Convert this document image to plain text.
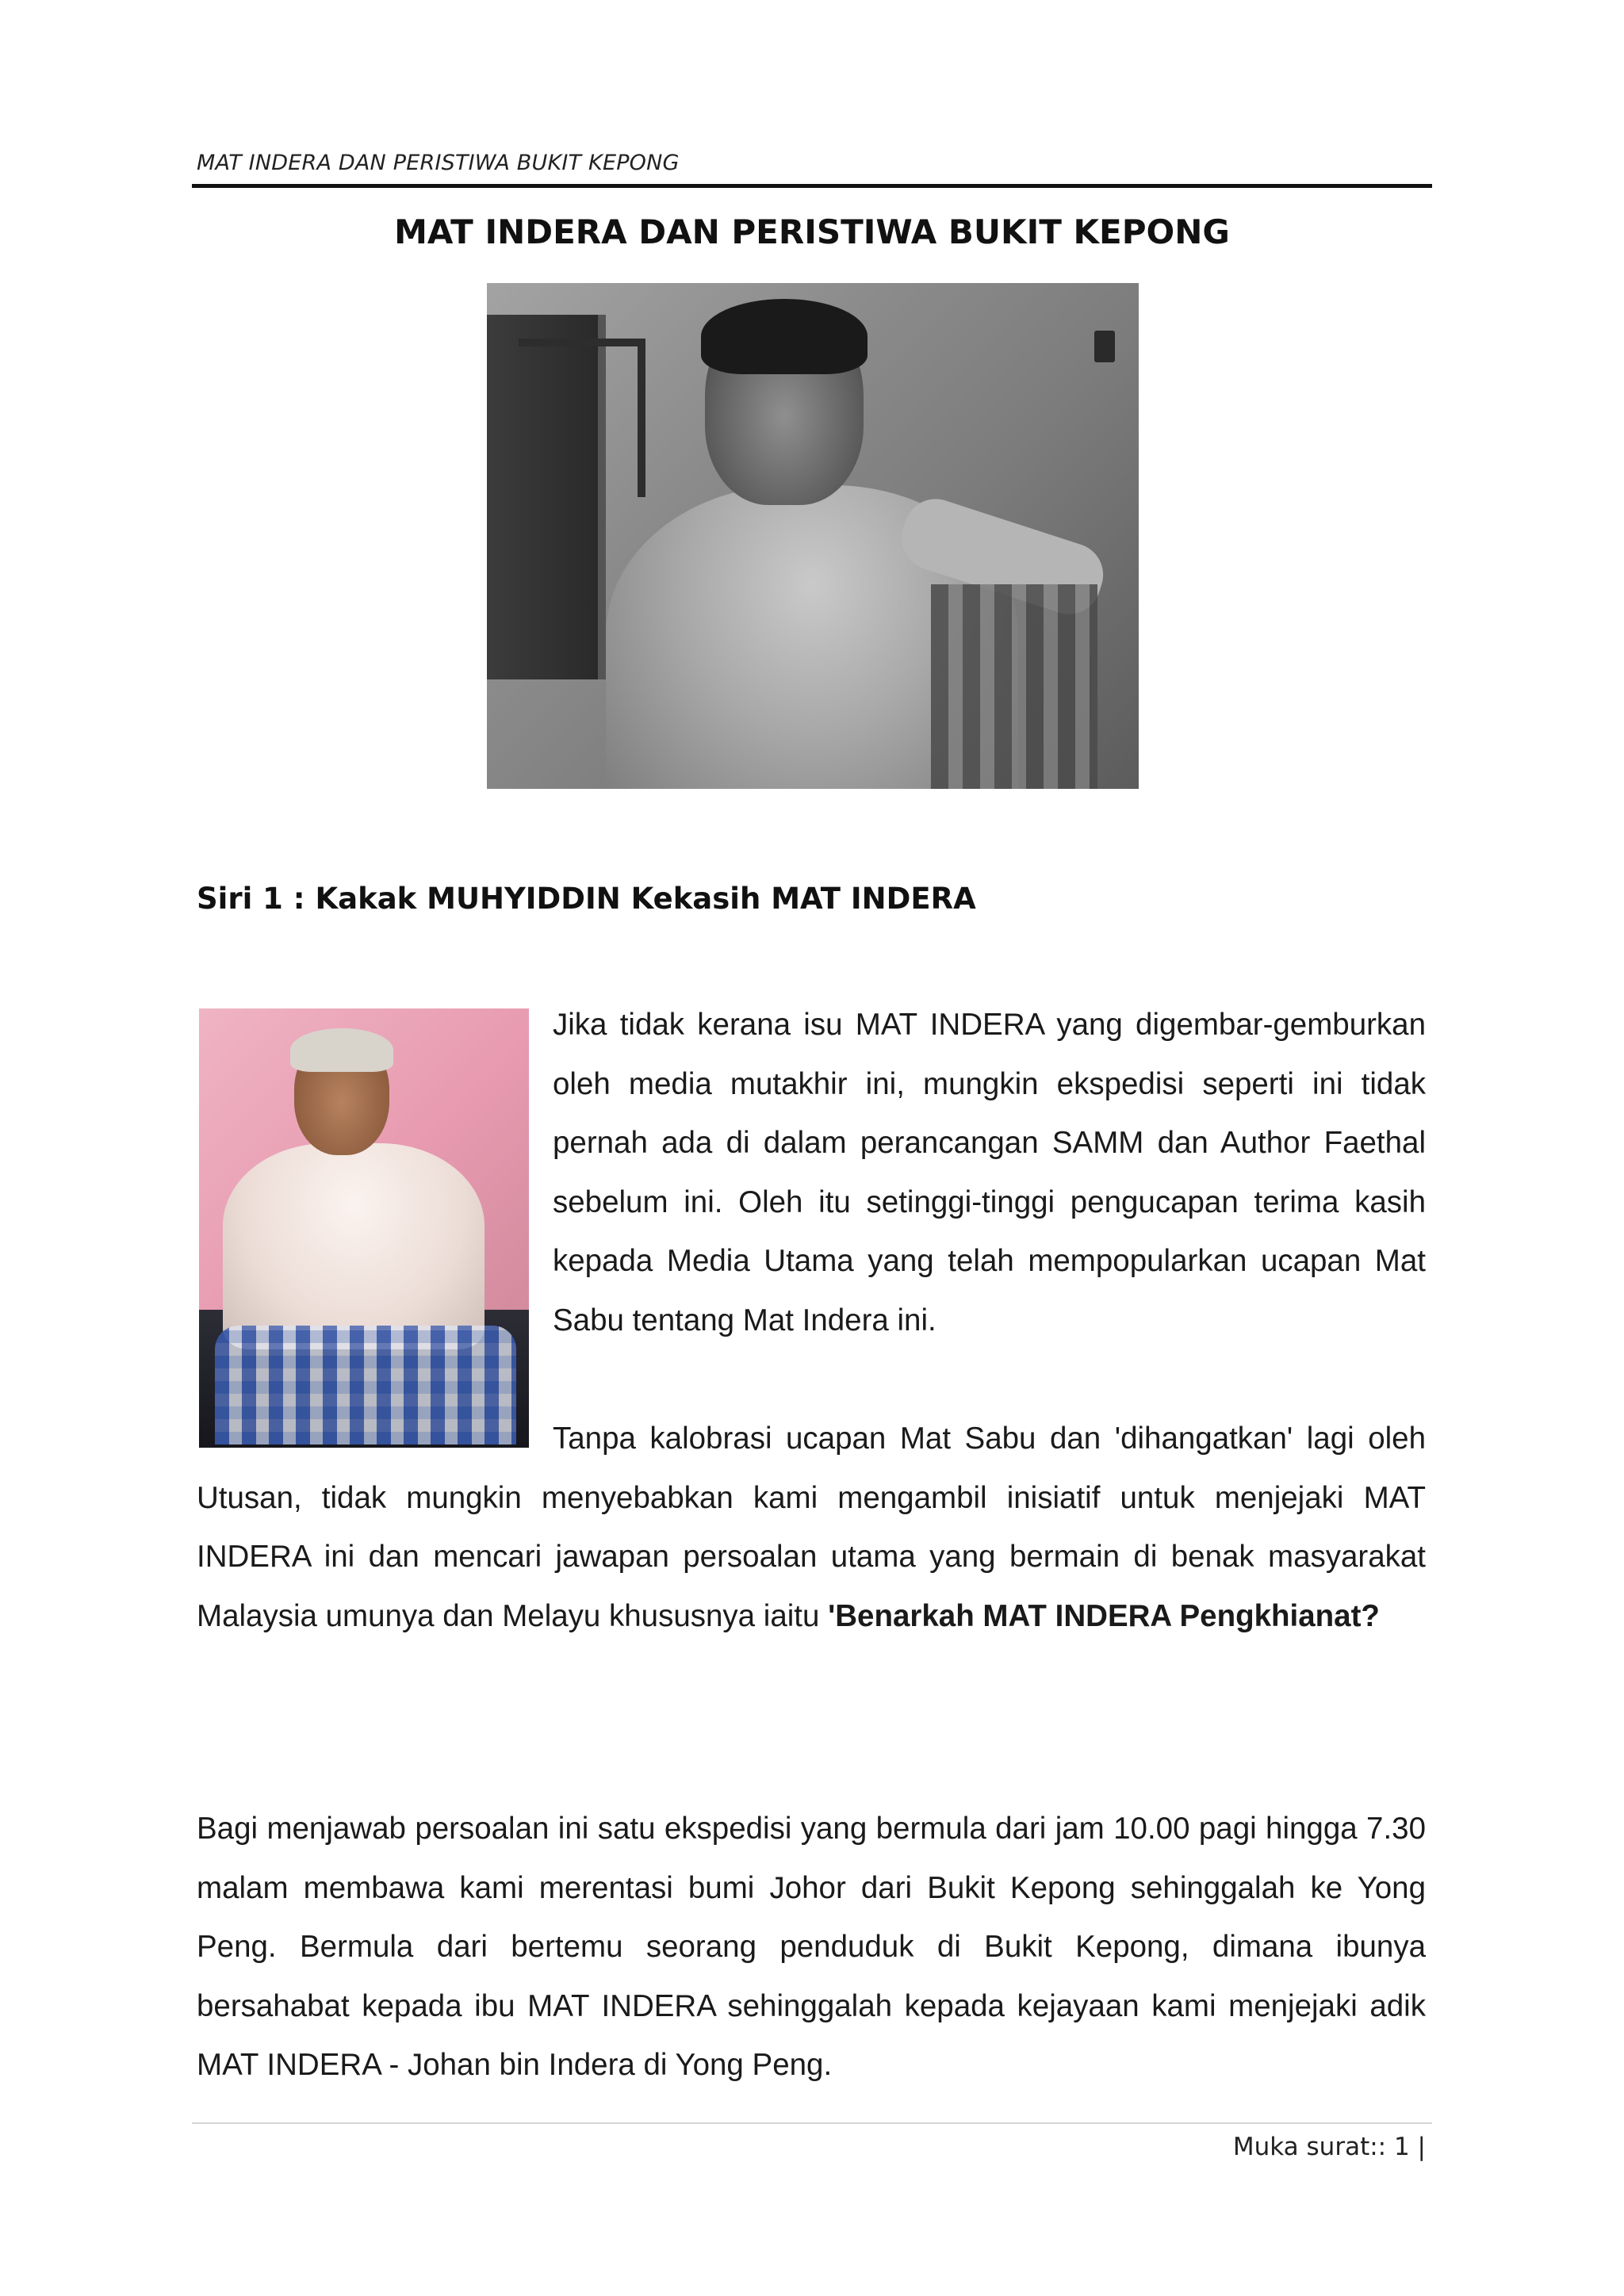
MAT INDERA DAN PERISTIWA BUKIT KEPONG
MAT INDERA DAN PERISTIWA BUKIT KEPONG
Siri 1 : Kakak MUHYIDDIN Kekasih MAT INDERA
Jika tidak kerana isu MAT INDERA yang digembar-gemburkan oleh media mutakhir ini, mungkin ekspedisi seperti ini tidak pernah ada di dalam perancangan SAMM dan Author Faethal sebelum ini. Oleh itu setinggi-tinggi pengucapan terima kasih kepada Media Utama yang telah mempopularkan ucapan Mat Sabu tentang Mat Indera ini.
Tanpa kalobrasi ucapan Mat Sabu dan 'dihangatkan' lagi oleh Utusan, tidak mungkin menyebabkan kami mengambil inisiatif untuk menjejaki MAT INDERA ini dan mencari jawapan persoalan utama yang bermain di benak masyarakat Malaysia umunya dan Melayu khususnya iaitu 'Benarkah MAT INDERA Pengkhianat?
Bagi menjawab persoalan ini satu ekspedisi yang bermula dari jam 10.00 pagi hingga 7.30 malam membawa kami merentasi bumi Johor dari Bukit Kepong sehinggalah ke Yong Peng. Bermula dari bertemu seorang penduduk di Bukit Kepong, dimana ibunya bersahabat kepada ibu MAT INDERA sehinggalah kepada kejayaan kami menjejaki adik MAT INDERA - Johan bin Indera di Yong Peng.
Muka surat:: 1 |
